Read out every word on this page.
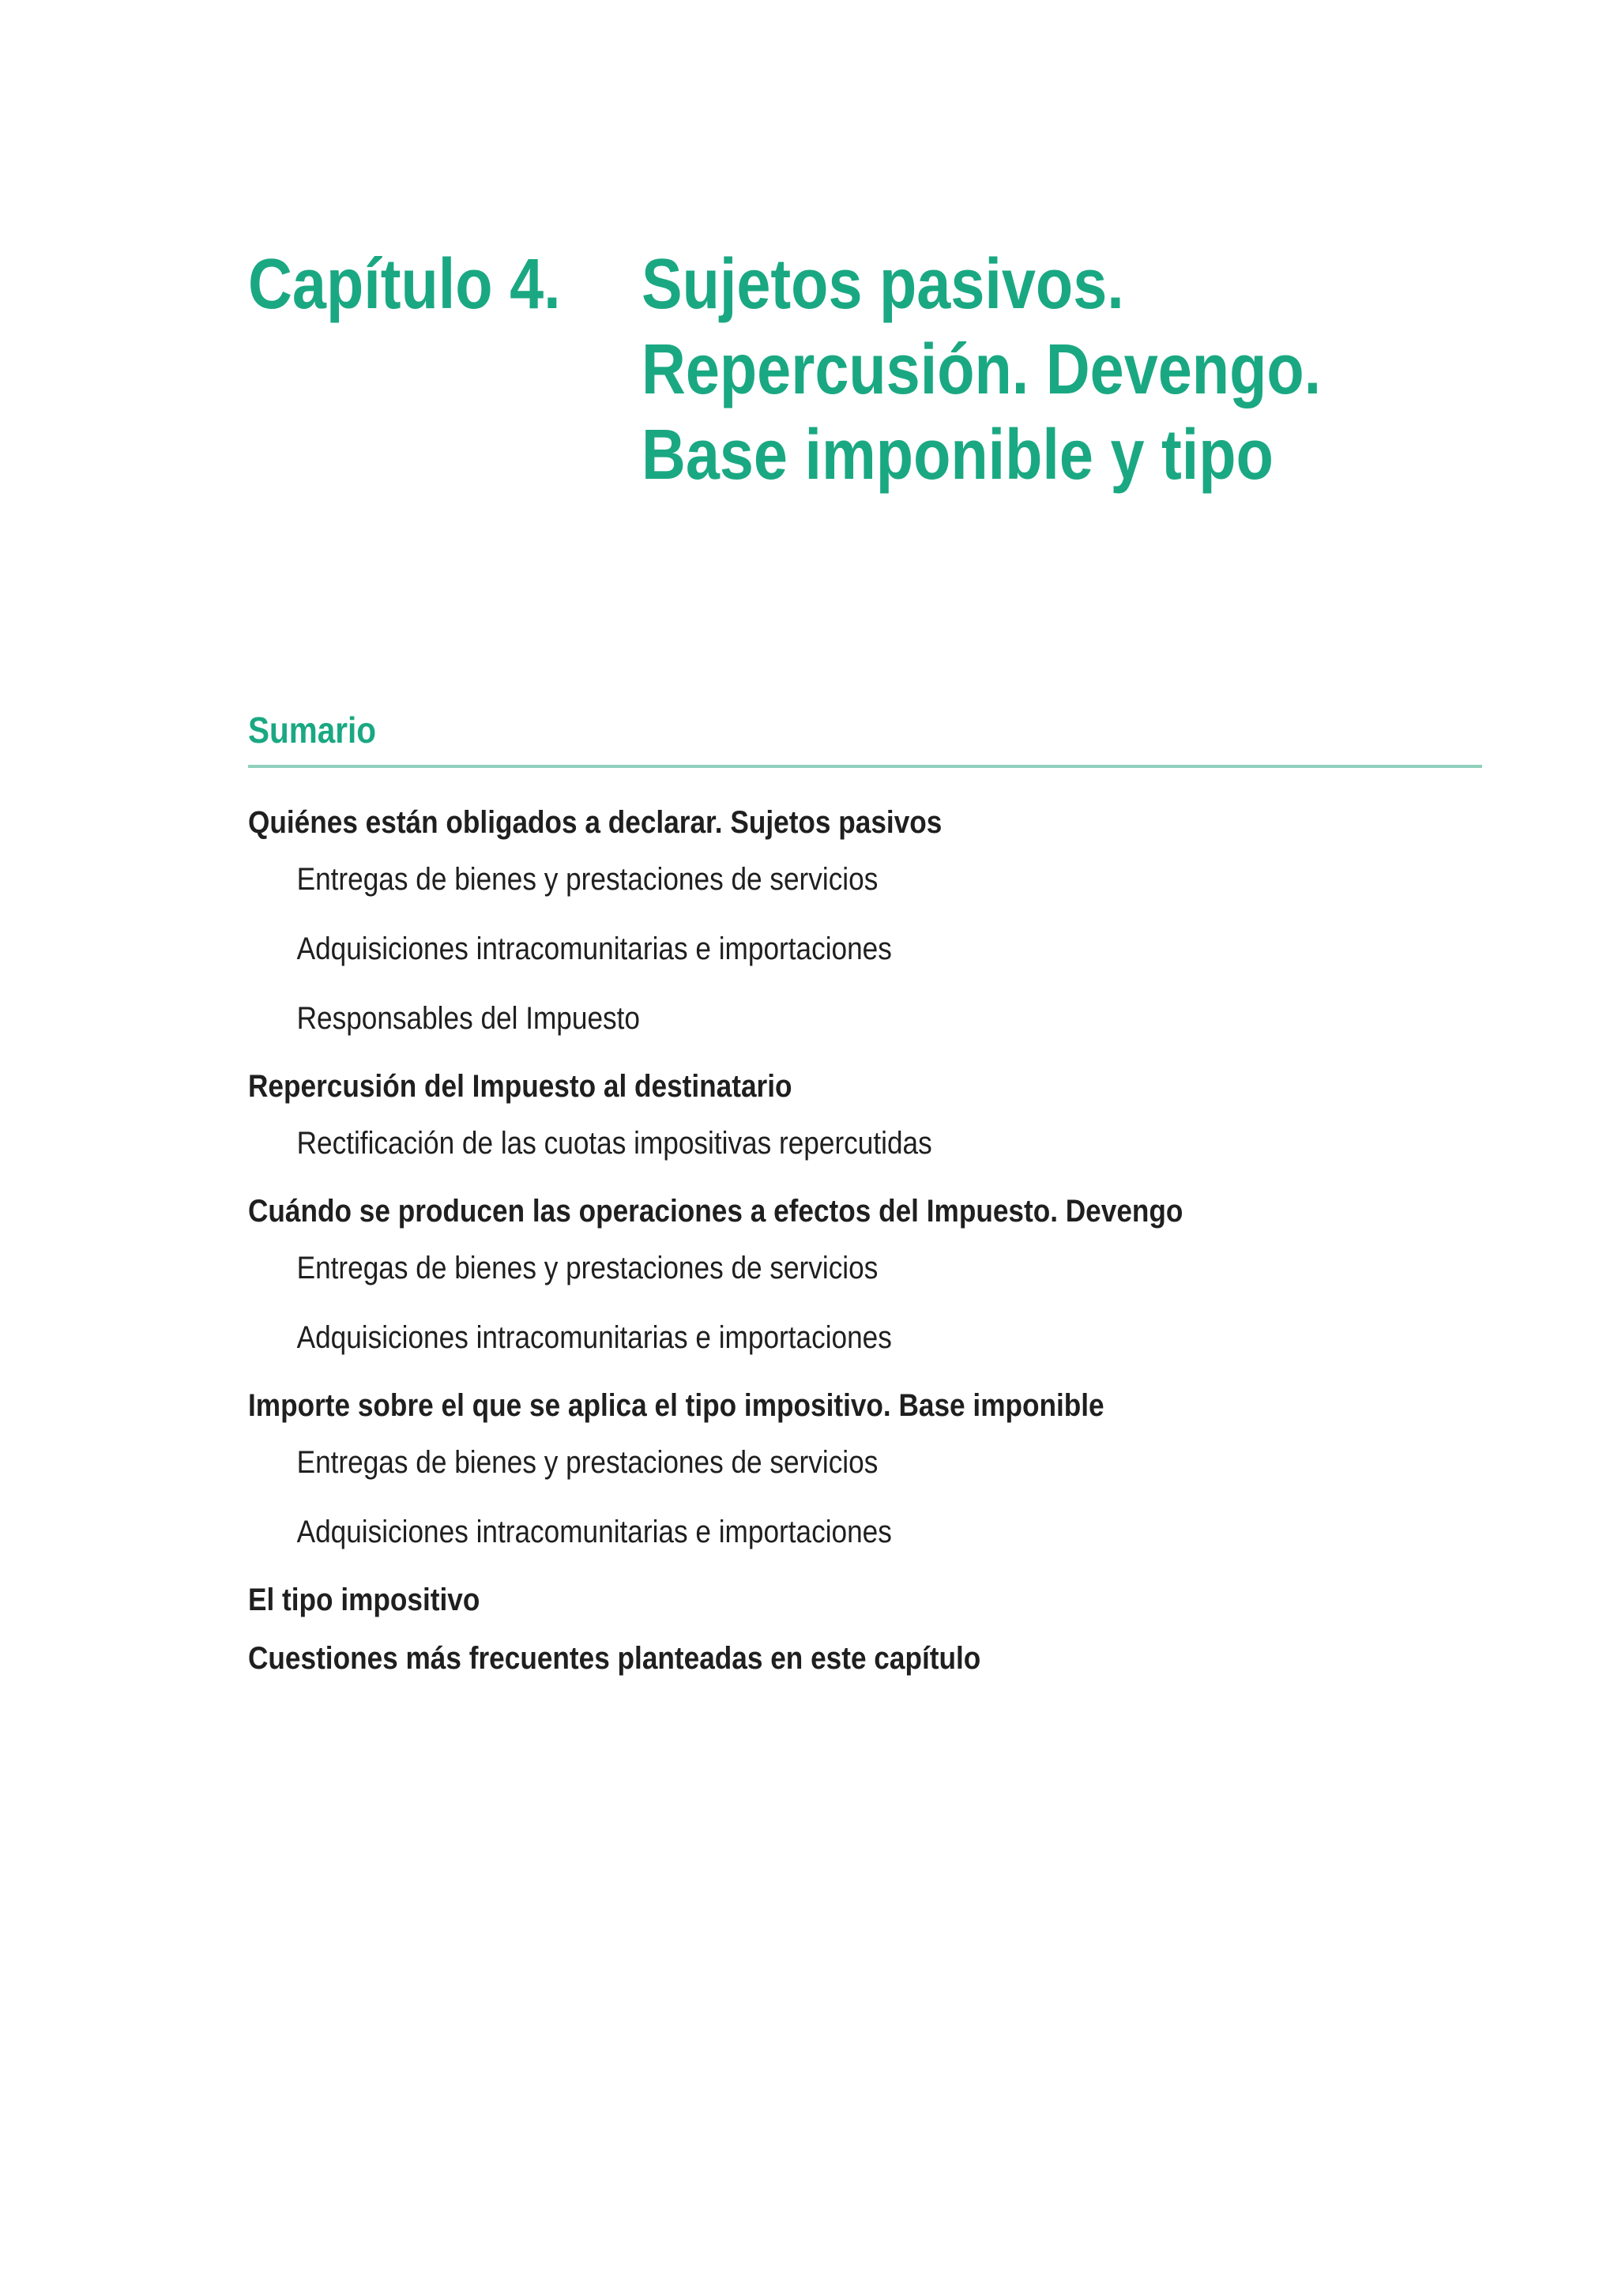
Capítulo 4. Sujetos pasivos. Repercusión. Devengo. Base imponible y tipo
Sumario
Quiénes están obligados a declarar. Sujetos pasivos
Entregas de bienes y prestaciones de servicios
Adquisiciones intracomunitarias e importaciones
Responsables del Impuesto
Repercusión del Impuesto al destinatario
Rectificación de las cuotas impositivas repercutidas
Cuándo se producen las operaciones a efectos del Impuesto. Devengo
Entregas de bienes y prestaciones de servicios
Adquisiciones intracomunitarias e importaciones
Importe sobre el que se aplica el tipo impositivo. Base imponible
Entregas de bienes y prestaciones de servicios
Adquisiciones intracomunitarias e importaciones
El tipo impositivo
Cuestiones más frecuentes planteadas en este capítulo
